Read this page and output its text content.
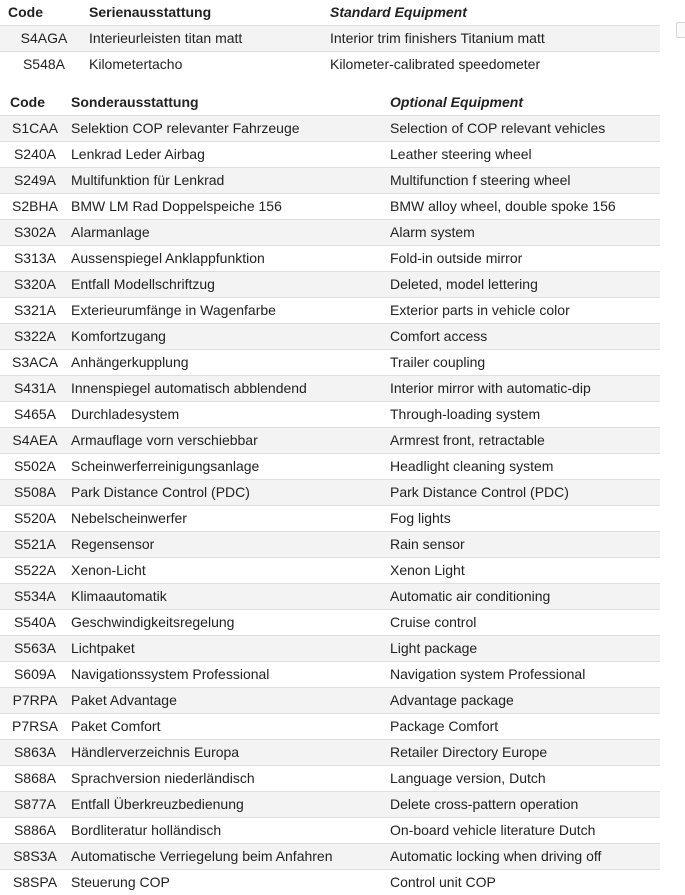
Code	Serienausstattung	Standard Equipment
S4AGA	Interieurleisten titan matt	Interior trim finishers Titanium matt
S548A	Kilometertacho	Kilometer-calibrated speedometer
Code	Sonderausstattung	Optional Equipment
S1CAA	Selektion COP relevanter Fahrzeuge	Selection of COP relevant vehicles
S240A	Lenkrad Leder Airbag	Leather steering wheel
S249A	Multifunktion für Lenkrad	Multifunction f steering wheel
S2BHA	BMW LM Rad Doppelspeiche 156	BMW alloy wheel, double spoke 156
S302A	Alarmanlage	Alarm system
S313A	Aussenspiegel Anklappfunktion	Fold-in outside mirror
S320A	Entfall Modellschriftzug	Deleted, model lettering
S321A	Exterieurumfänge in Wagenfarbe	Exterior parts in vehicle color
S322A	Komfortzugang	Comfort access
S3ACA	Anhängerkupplung	Trailer coupling
S431A	Innenspiegel automatisch abblendend	Interior mirror with automatic-dip
S465A	Durchladesystem	Through-loading system
S4AEA	Armauflage vorn verschiebbar	Armrest front, retractable
S502A	Scheinwerferreinigungsanlage	Headlight cleaning system
S508A	Park Distance Control (PDC)	Park Distance Control (PDC)
S520A	Nebelscheinwerfer	Fog lights
S521A	Regensensor	Rain sensor
S522A	Xenon-Licht	Xenon Light
S534A	Klimaautomatik	Automatic air conditioning
S540A	Geschwindigkeitsregelung	Cruise control
S563A	Lichtpaket	Light package
S609A	Navigationssystem Professional	Navigation system Professional
P7RPA	Paket Advantage	Advantage package
P7RSA	Paket Comfort	Package Comfort
S863A	Händlerverzeichnis Europa	Retailer Directory Europe
S868A	Sprachversion niederländisch	Language version, Dutch
S877A	Entfall Überkreuzbedienung	Delete cross-pattern operation
S886A	Bordliteratur holländisch	On-board vehicle literature Dutch
S8S3A	Automatische Verriegelung beim Anfahren	Automatic locking when driving off
S8SPA	Steuerung COP	Control unit COP
